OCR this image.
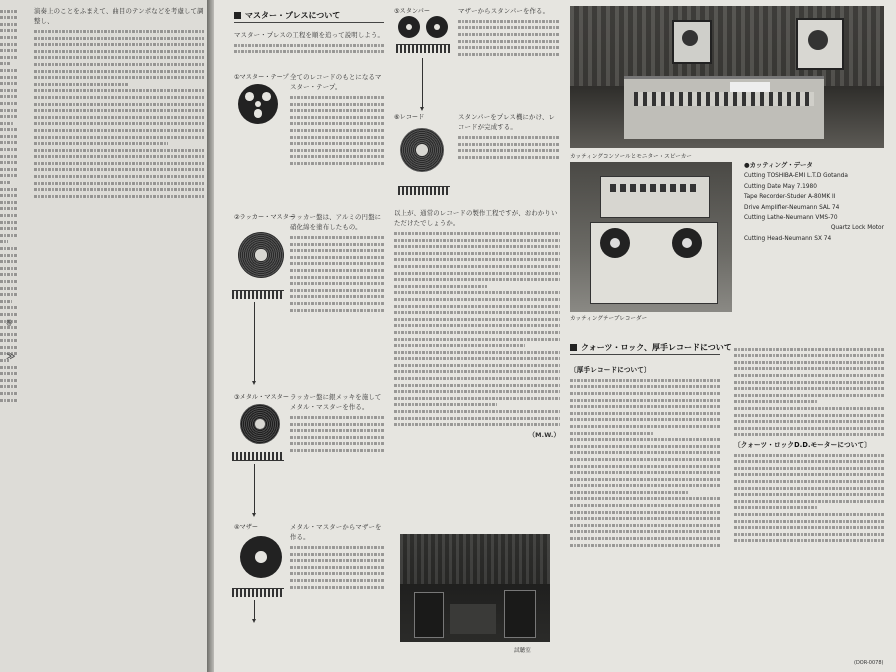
演奏上のことをふまえて、曲目のテンポなどを考慮して調整し、
≫
巻
マスター・プレスについて
マスター・プレスの工程を順を追って説明しよう。
①マスター・テープ 全てのレコードのもとになるマスター・テープ。
②ラッカー・マスター
ラッカー盤は、アルミの円盤に硝化綿を塗布したもの。
③メタル・マスター ラッカー盤に銀メッキを施してメタル・マスターを作る。
④マザー	メタル・マスターからマザーを作る。
⑤スタンパー
⑥レコード
マザーからスタンパーを作る。
スタンパーをプレス機にかけ、レコードが完成する。
以上が、通常のレコードの製作工程ですが、おわかりいただけたでしょうか。
（M.W.）
試聴室
カッティングコンソールとモニター・スピーカー
カッティングテープレコーダー
●カッティング・データ
Cutting TOSHIBA-EMI L.T.D Gotanda
Cutting Date May 7.1980
Tape Recorder-Studer A-80MK II
Drive Amplifier-Neumann SAL 74
Cutting Lathe-Neumann VMS-70
Quartz Lock Motor
Cutting Head-Neumann SX 74
クォーツ・ロック、厚手レコードについて
〔厚手レコードについて〕
〔クォーツ・ロックD.D.モーターについて〕
(DOR-0078)
